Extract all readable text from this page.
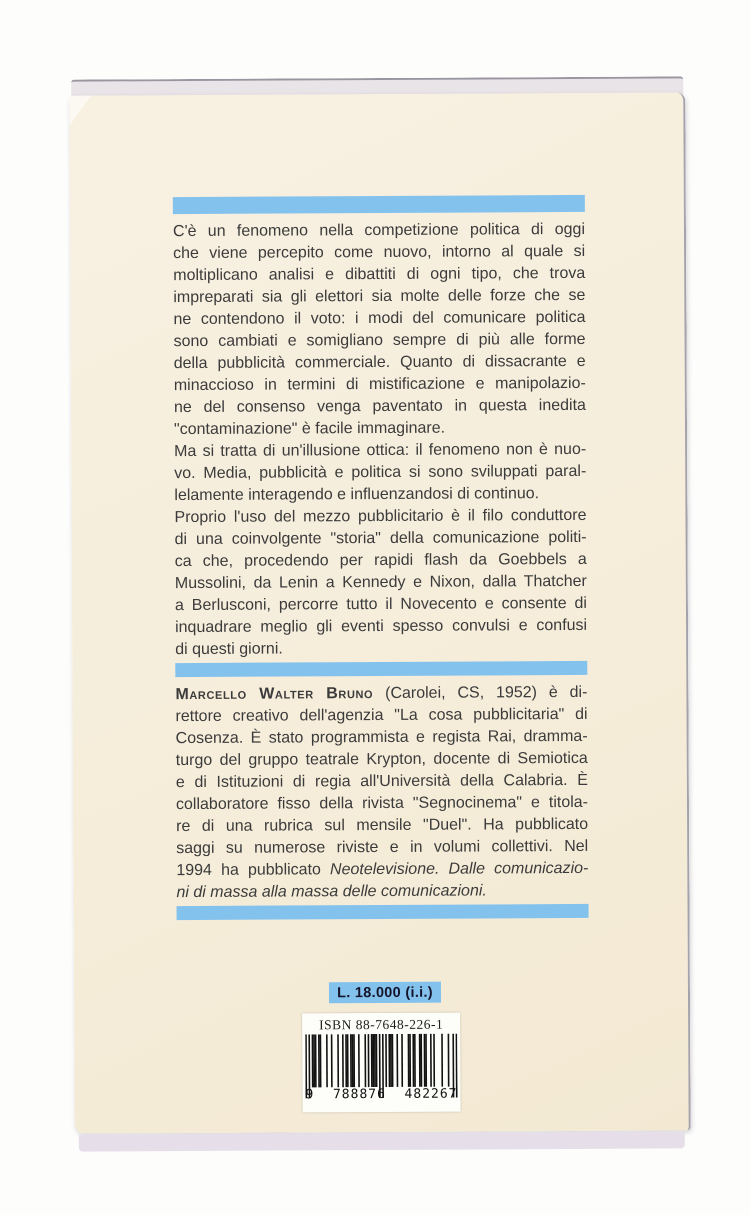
C'è un fenomeno nella competizione politica di oggi
che viene percepito come nuovo, intorno al quale si
moltiplicano analisi e dibattiti di ogni tipo, che trova
impreparati sia gli elettori sia molte delle forze che se
ne contendono il voto: i modi del comunicare politica
sono cambiati e somigliano sempre di più alle forme
della pubblicità commerciale. Quanto di dissacrante e
minaccioso in termini di mistificazione e manipolazio-
ne del consenso venga paventato in questa inedita
"contaminazione" è facile immaginare.
Ma si tratta di un'illusione ottica: il fenomeno non è nuo-
vo. Media, pubblicità e politica si sono sviluppati paral-
lelamente interagendo e influenzandosi di continuo.
Proprio l'uso del mezzo pubblicitario è il filo conduttore
di una coinvolgente "storia" della comunicazione politi-
ca che, procedendo per rapidi flash da Goebbels a
Mussolini, da Lenin a Kennedy e Nixon, dalla Thatcher
a Berlusconi, percorre tutto il Novecento e consente di
inquadrare meglio gli eventi spesso convulsi e confusi
di questi giorni.
Marcello Walter Bruno (Carolei, CS, 1952) è di-
rettore creativo dell'agenzia "La cosa pubblicitaria" di
Cosenza. È stato programmista e regista Rai, dramma-
turgo del gruppo teatrale Krypton, docente di Semiotica
e di Istituzioni di regia all'Università della Calabria. È
collaboratore fisso della rivista "Segnocinema" e titola-
re di una rubrica sul mensile "Duel". Ha pubblicato
saggi su numerose riviste e in volumi collettivi. Nel
1994 ha pubblicato Neotelevisione. Dalle comunicazio-
ni di massa alla massa delle comunicazioni.
L. 18.000 (i.i.)
ISBN 88-7648-226-1
9 788876 482267
